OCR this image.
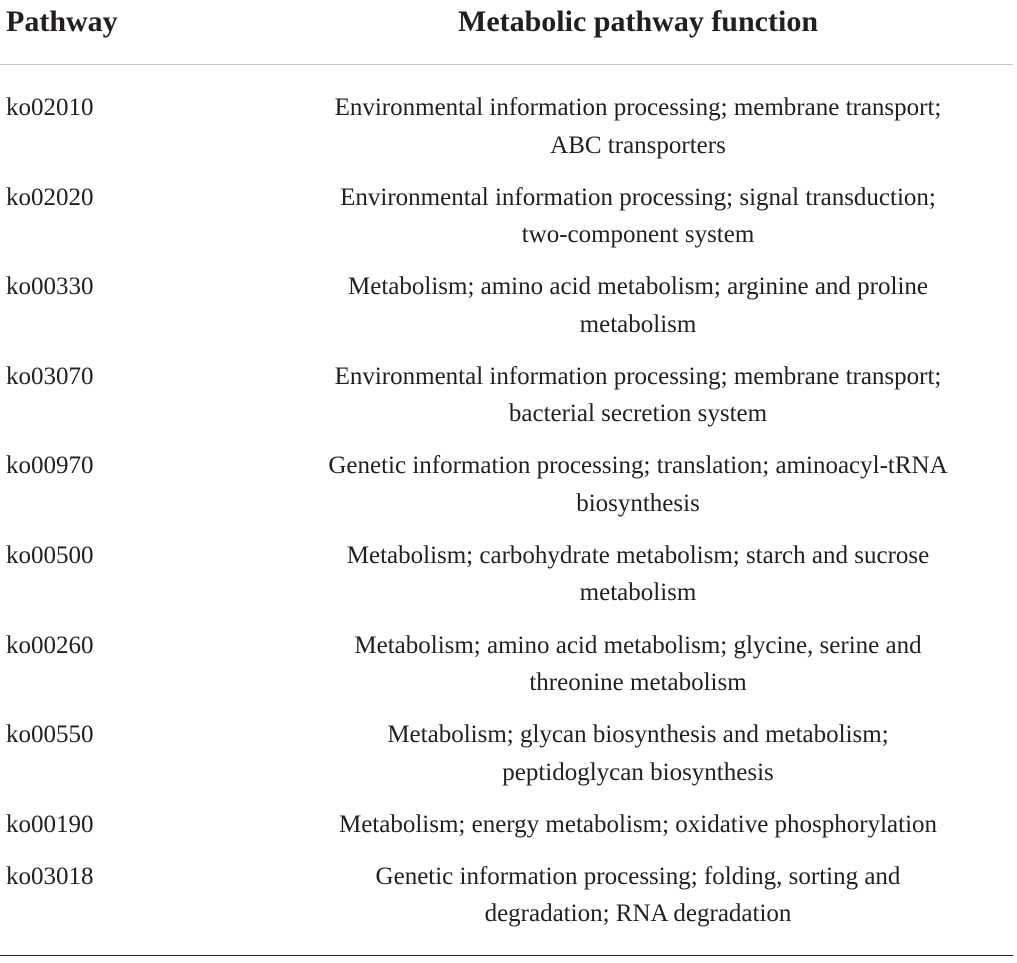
Pathway	Metabolic pathway function
ko02010	Environmental information processing; membrane transport;
ABC transporters
ko02020	Environmental information processing; signal transduction;
two-component system
ko00330	Metabolism; amino acid metabolism; arginine and proline
metabolism
ko03070	Environmental information processing; membrane transport;
bacterial secretion system
ko00970	Genetic information processing; translation; aminoacyl-tRNA
biosynthesis
ko00500	Metabolism; carbohydrate metabolism; starch and sucrose
metabolism
ko00260	Metabolism; amino acid metabolism; glycine, serine and
threonine metabolism
ko00550	Metabolism; glycan biosynthesis and metabolism;
peptidoglycan biosynthesis
ko00190	Metabolism; energy metabolism; oxidative phosphorylation
ko03018	Genetic information processing; folding, sorting and
degradation; RNA degradation
